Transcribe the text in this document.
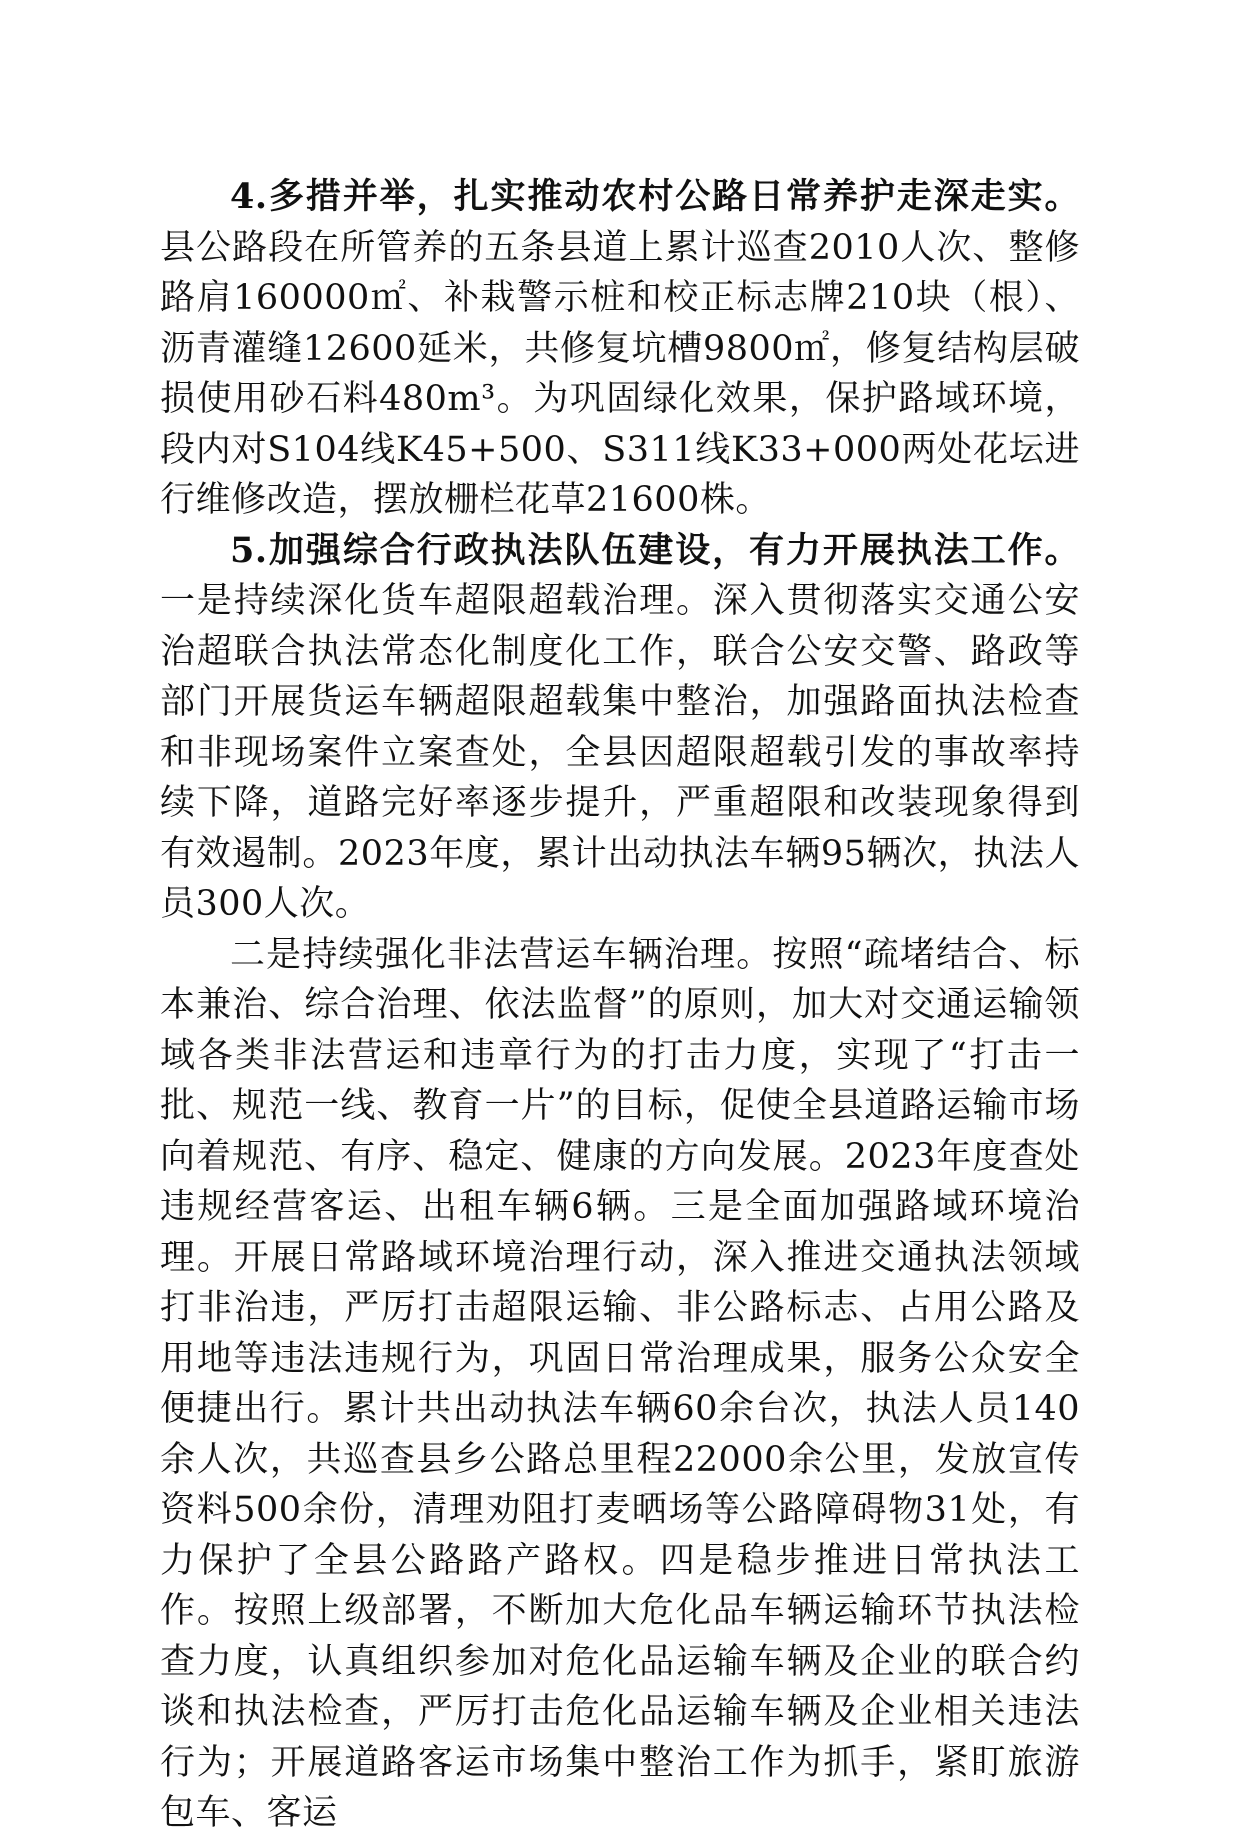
4.多措并举，扎实推动农村公路日常养护走深走实。县公路段在所管养的五条县道上累计巡查2010人次、整修路肩160000㎡、补栽警示桩和校正标志牌210块（根）、沥青灌缝12600延米，共修复坑槽9800㎡，修复结构层破损使用砂石料480m³。为巩固绿化效果，保护路域环境，段内对S104线K45+500、S311线K33+000两处花坛进行维修改造，摆放栅栏花草21600株。

5.加强综合行政执法队伍建设，有力开展执法工作。一是持续深化货车超限超载治理。深入贯彻落实交通公安治超联合执法常态化制度化工作，联合公安交警、路政等部门开展货运车辆超限超载集中整治，加强路面执法检查和非现场案件立案查处，全县因超限超载引发的事故率持续下降，道路完好率逐步提升，严重超限和改装现象得到有效遏制。2023年度，累计出动执法车辆95辆次，执法人员300人次。

二是持续强化非法营运车辆治理。按照“疏堵结合、标本兼治、综合治理、依法监督”的原则，加大对交通运输领域各类非法营运和违章行为的打击力度，实现了“打击一批、规范一线、教育一片”的目标，促使全县道路运输市场向着规范、有序、稳定、健康的方向发展。2023年度查处违规经营客运、出租车辆6辆。三是全面加强路域环境治理。开展日常路域环境治理行动，深入推进交通执法领域打非治违，严厉打击超限运输、非公路标志、占用公路及用地等违法违规行为，巩固日常治理成果，服务公众安全便捷出行。累计共出动执法车辆60余台次，执法人员140余人次，共巡查县乡公路总里程22000余公里，发放宣传资料500余份，清理劝阻打麦晒场等公路障碍物31处，有力保护了全县公路路产路权。四是稳步推进日常执法工作。按照上级部署，不断加大危化品车辆运输环节执法检查力度，认真组织参加对危化品运输车辆及企业的联合约谈和执法检查，严厉打击危化品运输车辆及企业相关违法行为；开展道路客运市场集中整治工作为抓手，紧盯旅游包车、客运
